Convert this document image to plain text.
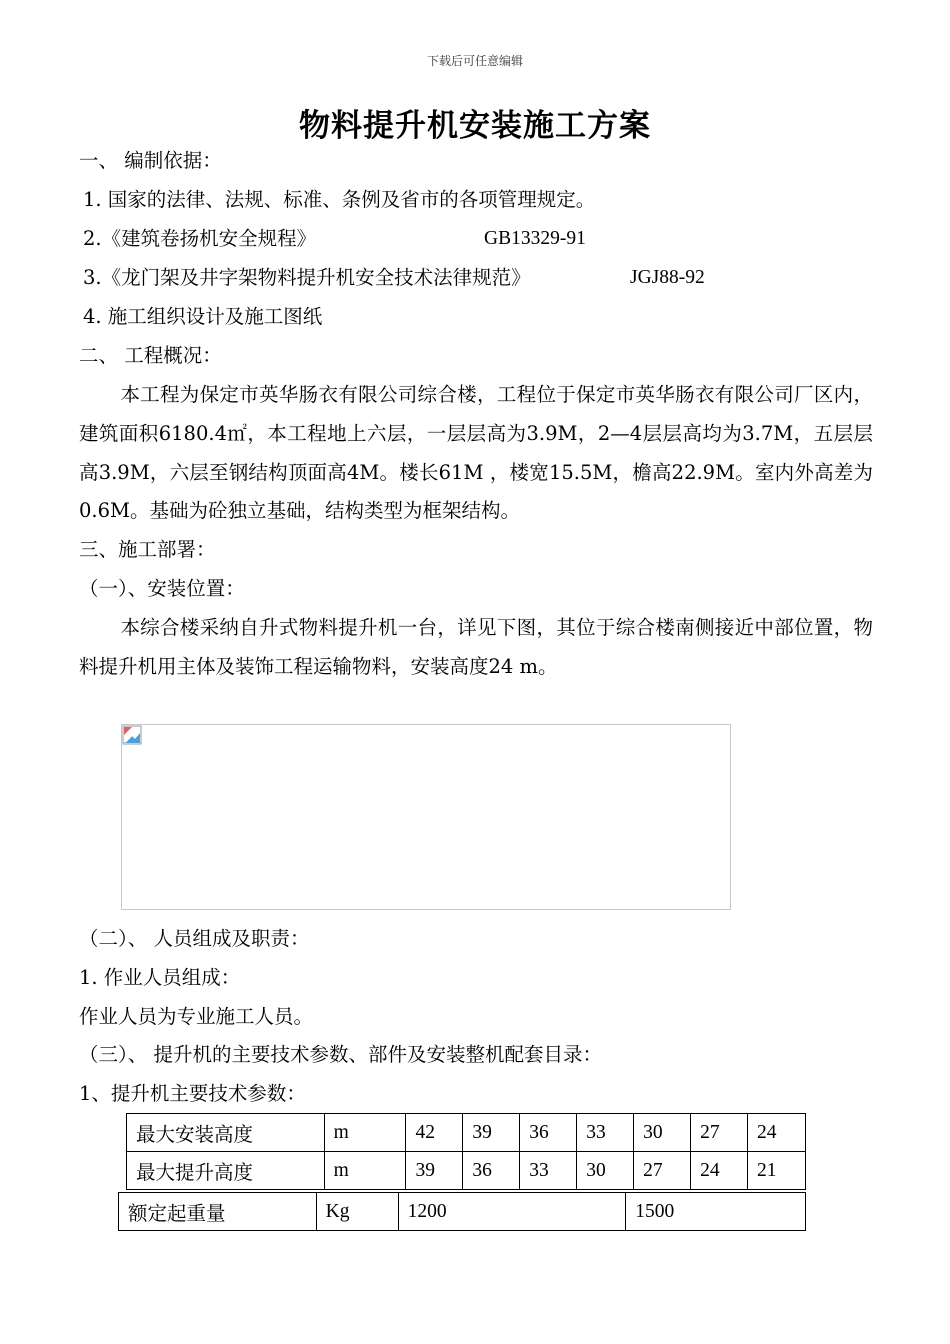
下载后可任意编辑
物料提升机安装施工方案
一、 编制依据：
1. 国家的法律、法规、标准、条例及省市的各项管理规定。
2.《建筑卷扬机安全规程》	GB13329-91
3.《龙门架及井字架物料提升机安全技术法律规范》	JGJ88-92
4. 施工组织设计及施工图纸
二、 工程概况：
本工程为保定市英华肠衣有限公司综合楼，工程位于保定市英华肠衣有限公司厂区内，建筑面积6180.4㎡，本工程地上六层，一层层高为3.9M，2—4层层高均为3.7M，五层层高3.9M，六层至钢结构顶面高4M。楼长61M ，楼宽15.5M，檐高22.9M。室内外高差为0.6M。基础为砼独立基础，结构类型为框架结构。
三、施工部署：
（一）、安装位置：
本综合楼采纳自升式物料提升机一台，详见下图，其位于综合楼南侧接近中部位置，物料提升机用主体及装饰工程运输物料，安装高度24 m。
（二）、 人员组成及职责：
1. 作业人员组成：
作业人员为专业施工人员。
（三）、 提升机的主要技术参数、部件及安装整机配套目录：
1、提升机主要技术参数：
最大安装高度	m	42	39	36	33	30	27	24
最大提升高度	m	39	36	33	30	27	24	21
额定起重量	Kg	1200	1500
